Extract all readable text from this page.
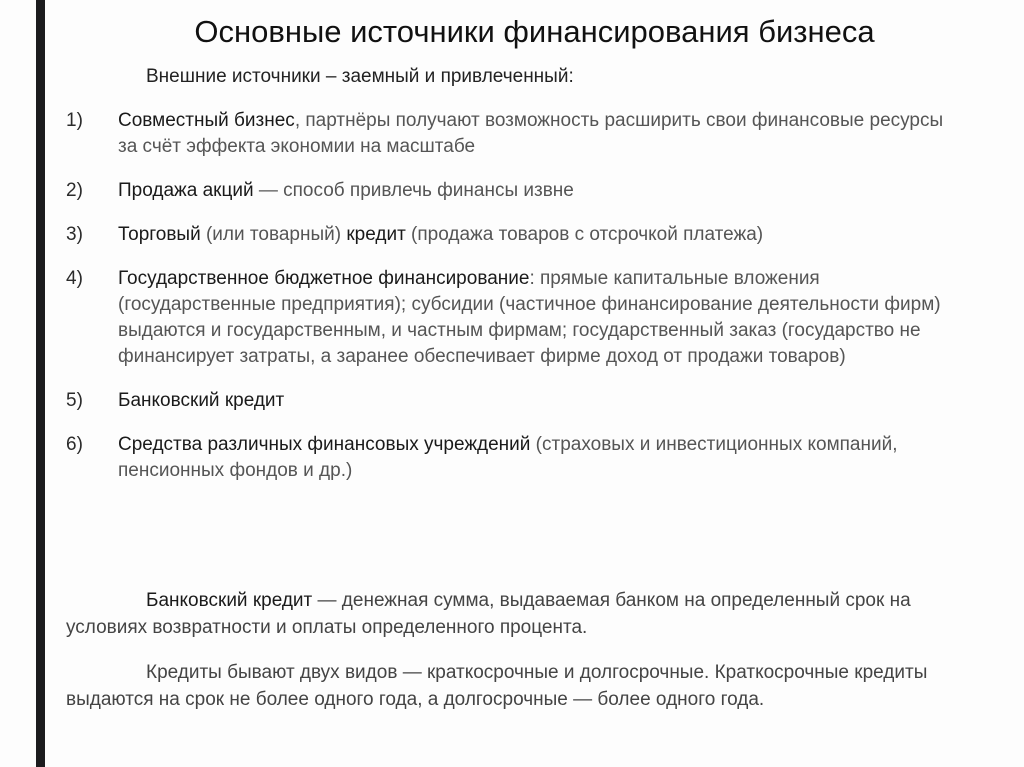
Основные источники финансирования бизнеса
Внешние источники – заемный и привлеченный:
1) Совместный бизнес, партнёры получают возможность расширить свои финансовые ресурсы за счёт эффекта экономии на масштабе
2) Продажа акций — способ привлечь финансы извне
3) Торговый (или товарный) кредит (продажа товаров с отсрочкой платежа)
4) Государственное бюджетное финансирование: прямые капитальные вложения (государственные предприятия); субсидии (частичное финансирование деятельности фирм) выдаются и государственным, и частным фирмам; государственный заказ (государство не финансирует затраты, а заранее обеспечивает фирме доход от продажи товаров)
5) Банковский кредит
6) Средства различных финансовых учреждений (страховых и инвестиционных компаний, пенсионных фондов и др.)
Банковский кредит — денежная сумма, выдаваемая банком на определенный срок на условиях возвратности и оплаты определенного процента.
Кредиты бывают двух видов — краткосрочные и долгосрочные. Краткосрочные кредиты выдаются на срок не более одного года, а долгосрочные — более одного года.
